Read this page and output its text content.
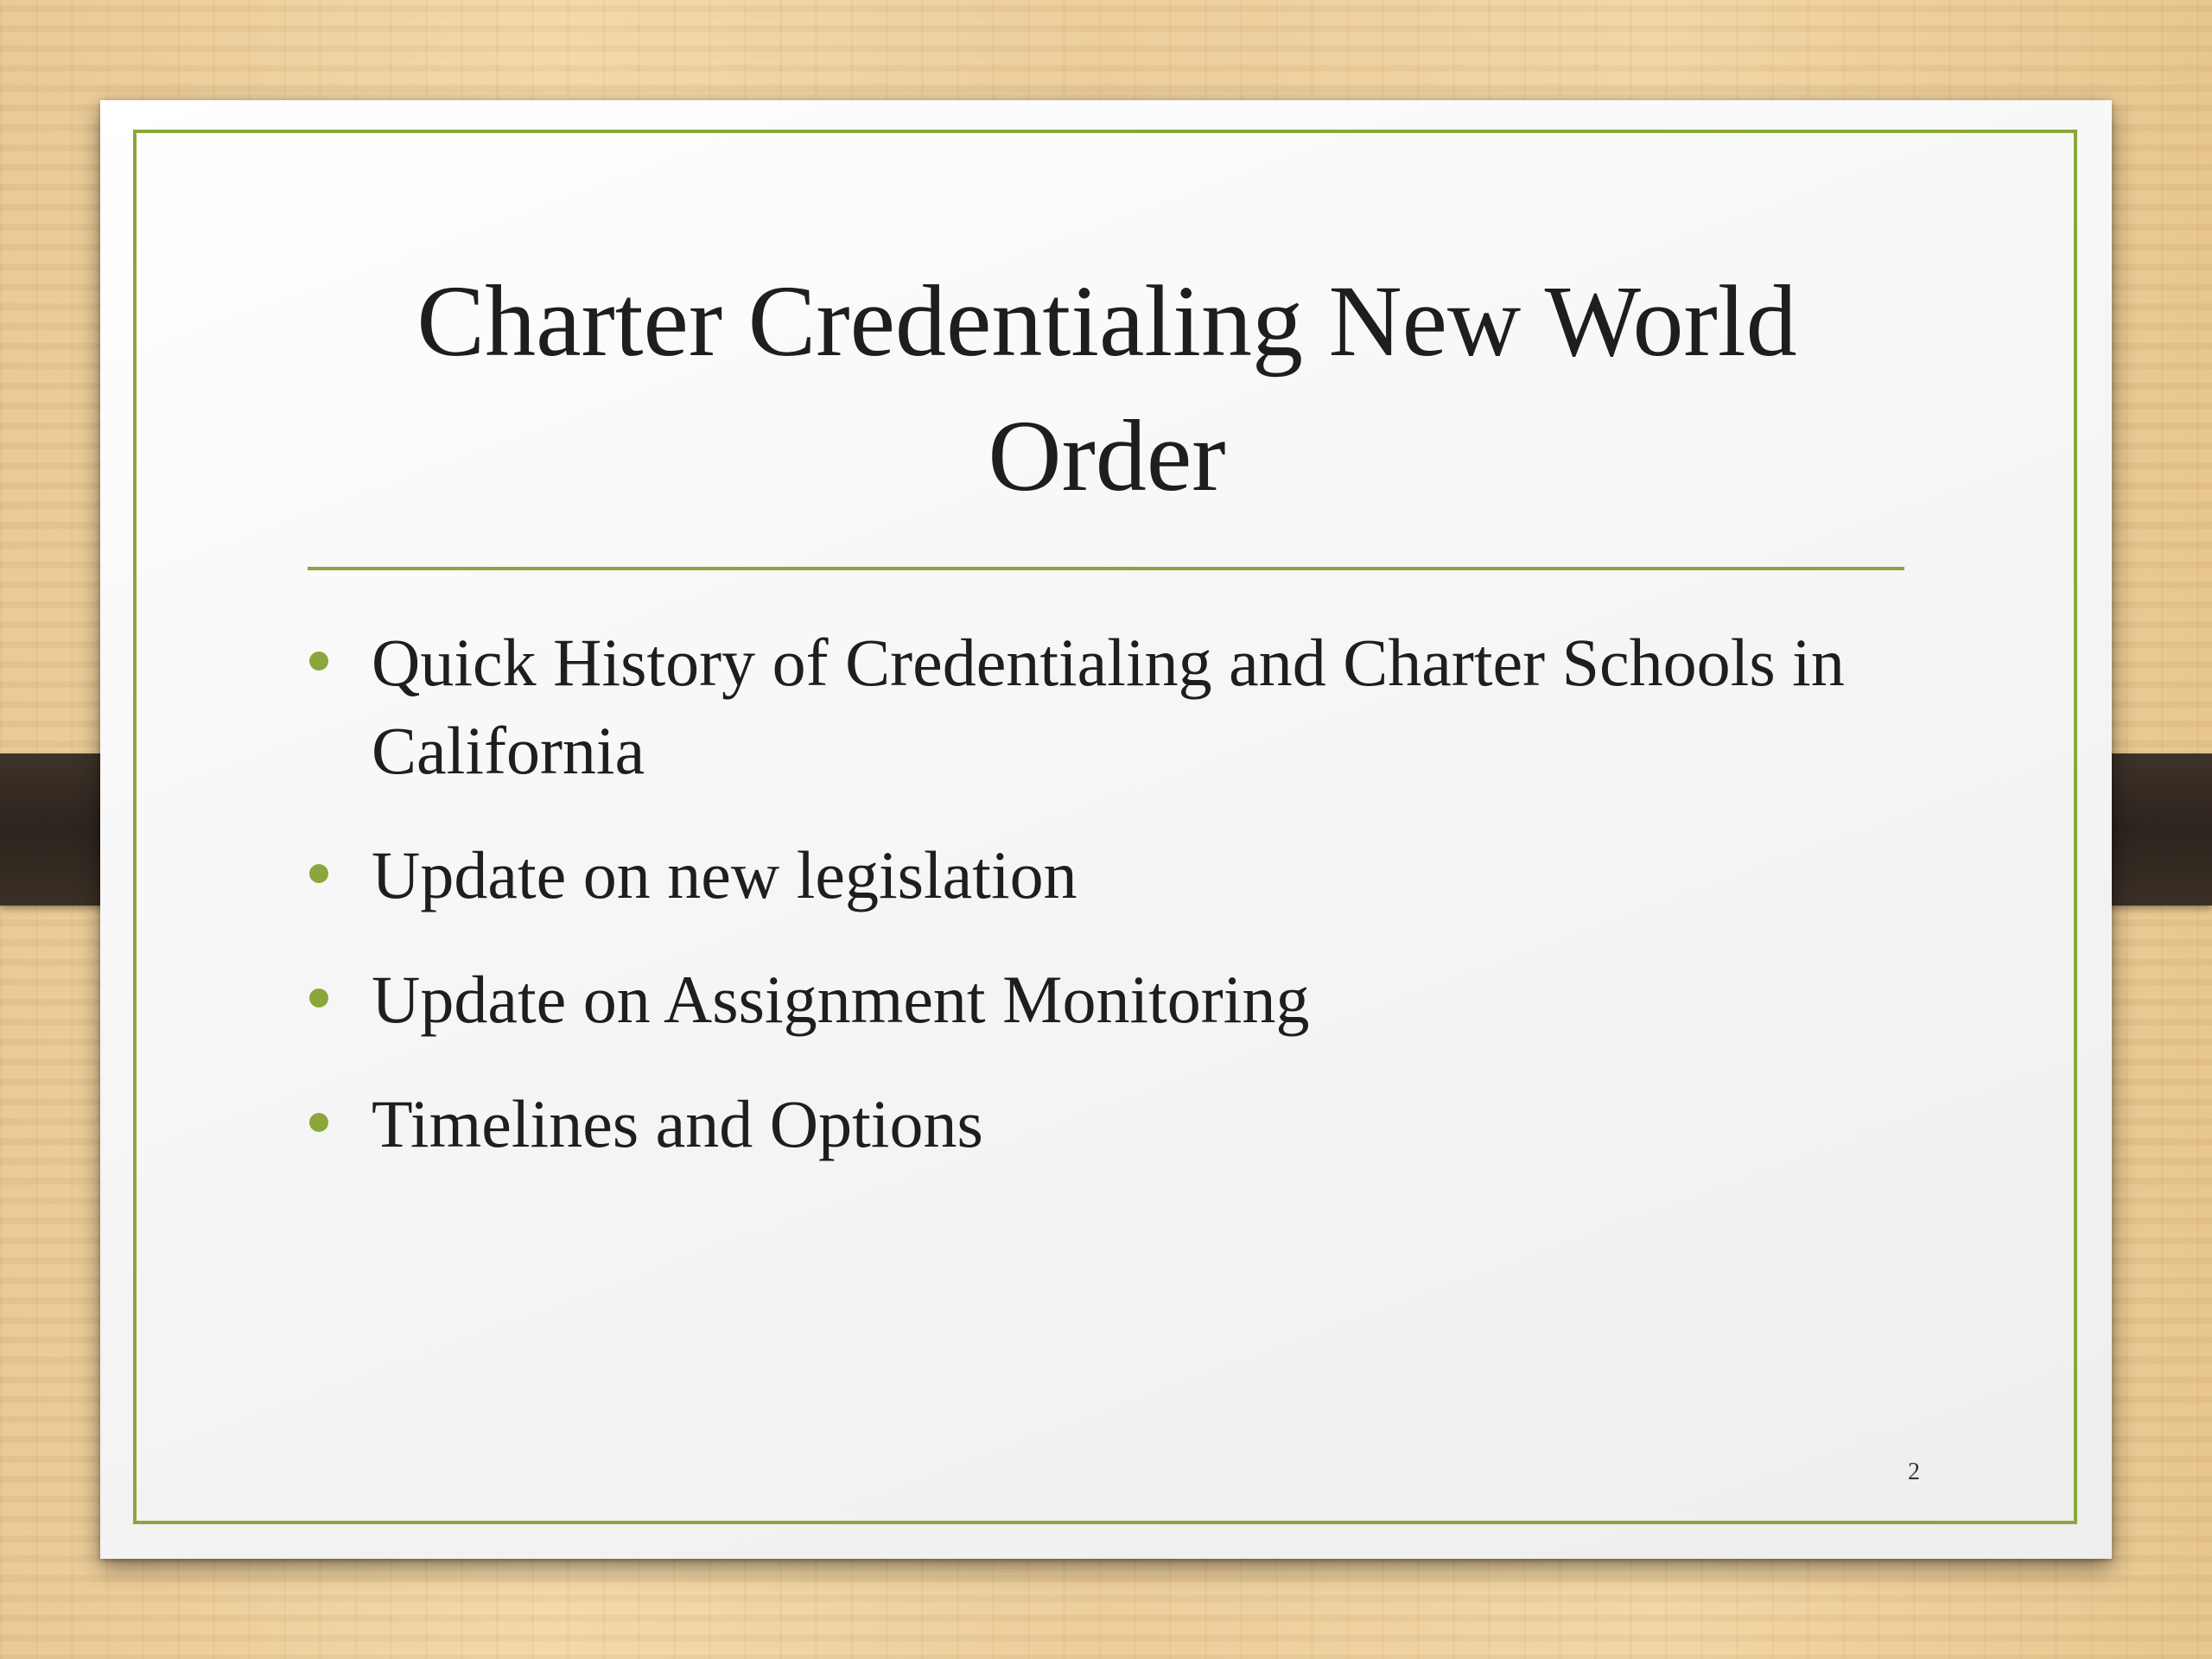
Charter Credentialing New World
Order
Quick History of Credentialing and Charter Schools in California
Update on new legislation
Update on Assignment Monitoring
Timelines and Options
2
